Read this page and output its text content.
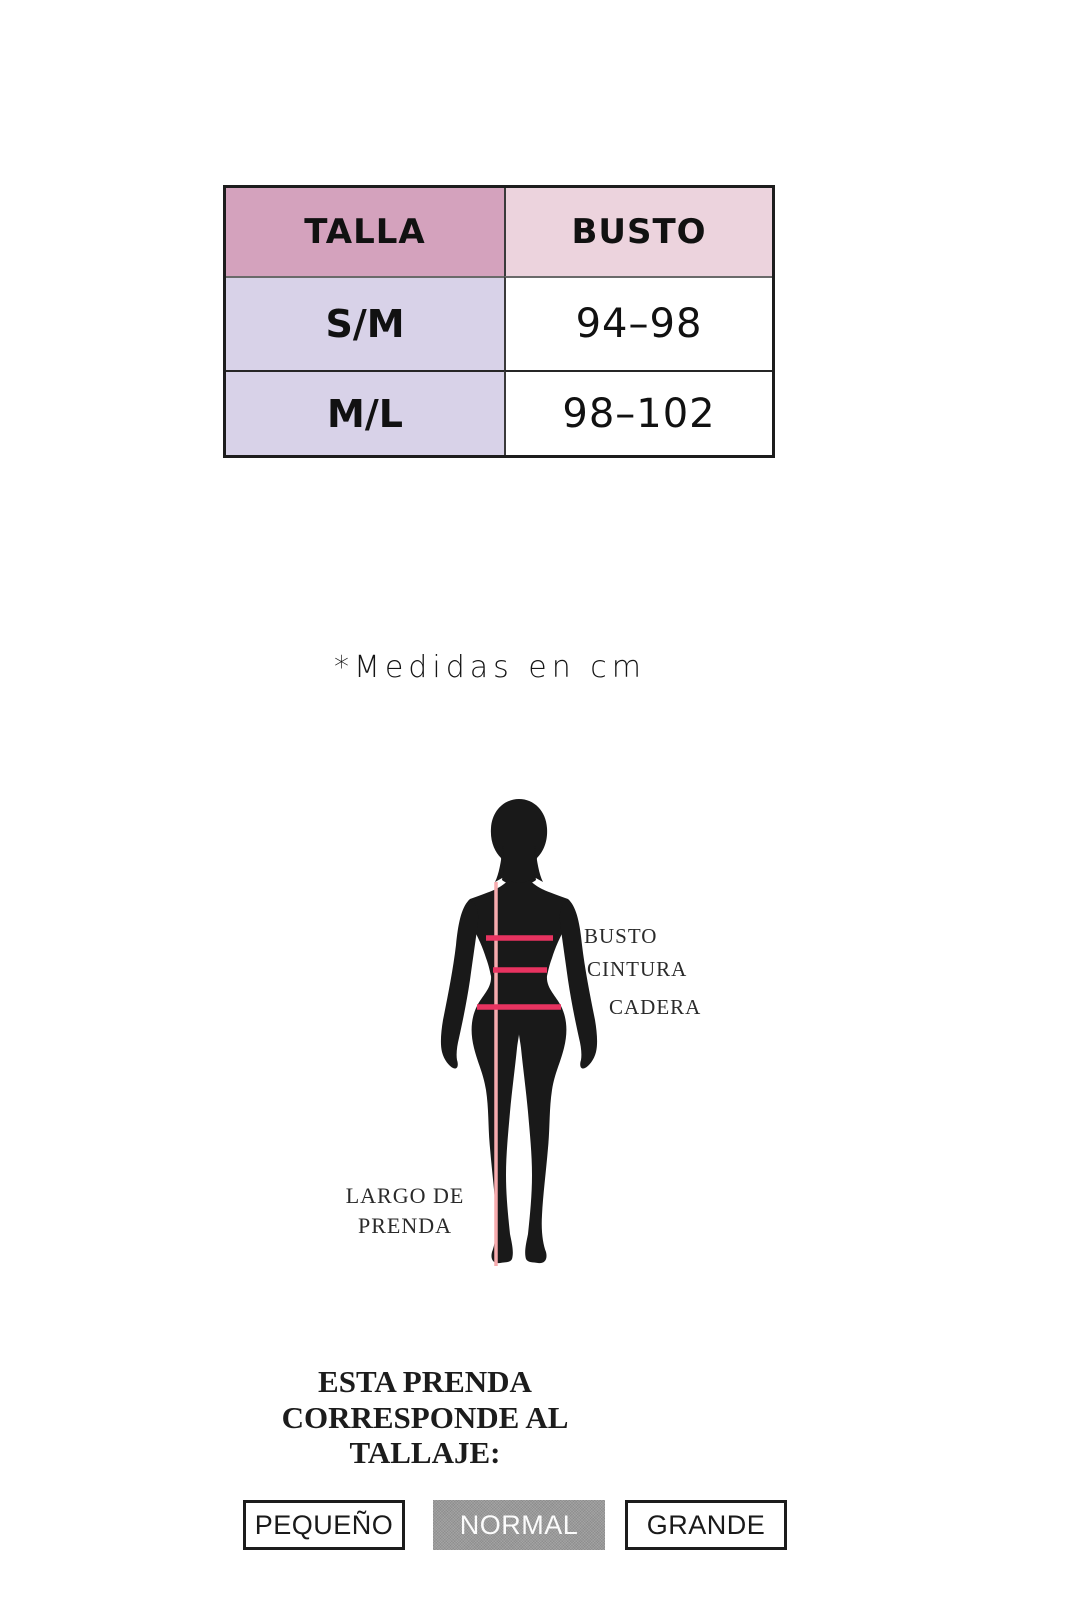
TALLA	BUSTO
S/M	94–98
M/L	98–102
*Medidas en cm
BUSTO
CINTURA
CADERA
LARGO DE
PRENDA
ESTA PRENDA CORRESPONDE AL
TALLAJE:
PEQUEÑO	NORMAL	GRANDE
